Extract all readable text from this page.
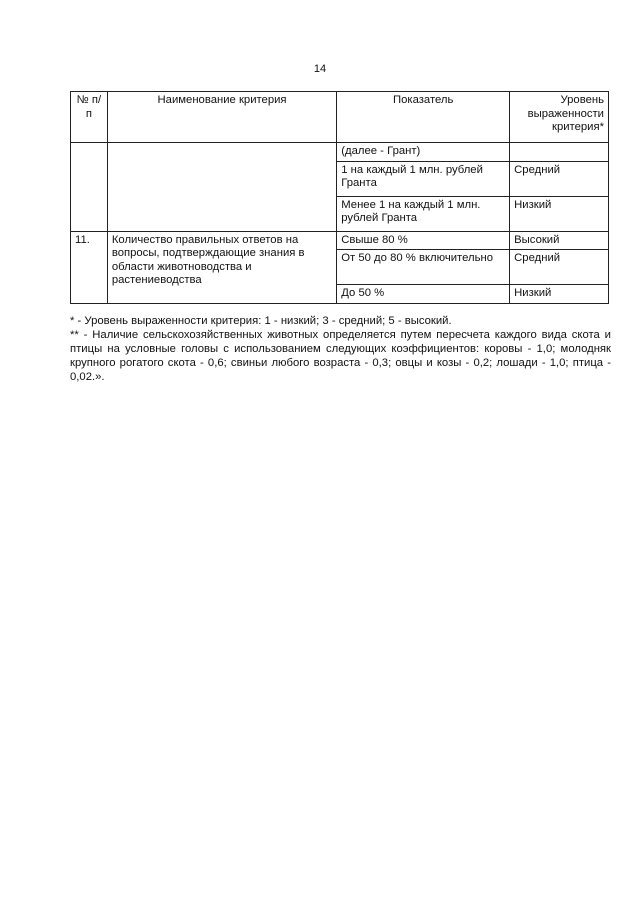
14
№ п/п	Наименование критерия	Показатель	Уровень выраженности критерия*
		(далее - Грант)	
		1 на каждый 1 млн. рублей Гранта	Средний
		Менее 1 на каждый 1 млн. рублей Гранта	Низкий
11.	Количество правильных ответов на вопросы, подтверждающие знания в области животноводства и растениеводства	Свыше 80 %	Высокий
		От 50 до 80 % включительно	Средний
		До 50 %	Низкий

* - Уровень выраженности критерия: 1 - низкий; 3 - средний; 5 - высокий.

** - Наличие сельскохозяйственных животных определяется путем пересчета каждого вида скота и птицы на условные головы с использованием следующих коэффициентов: коровы - 1,0; молодняк крупного рогатого скота - 0,6; свиньи любого возраста - 0,3; овцы и козы - 0,2; лошади - 1,0; птица - 0,02.».
